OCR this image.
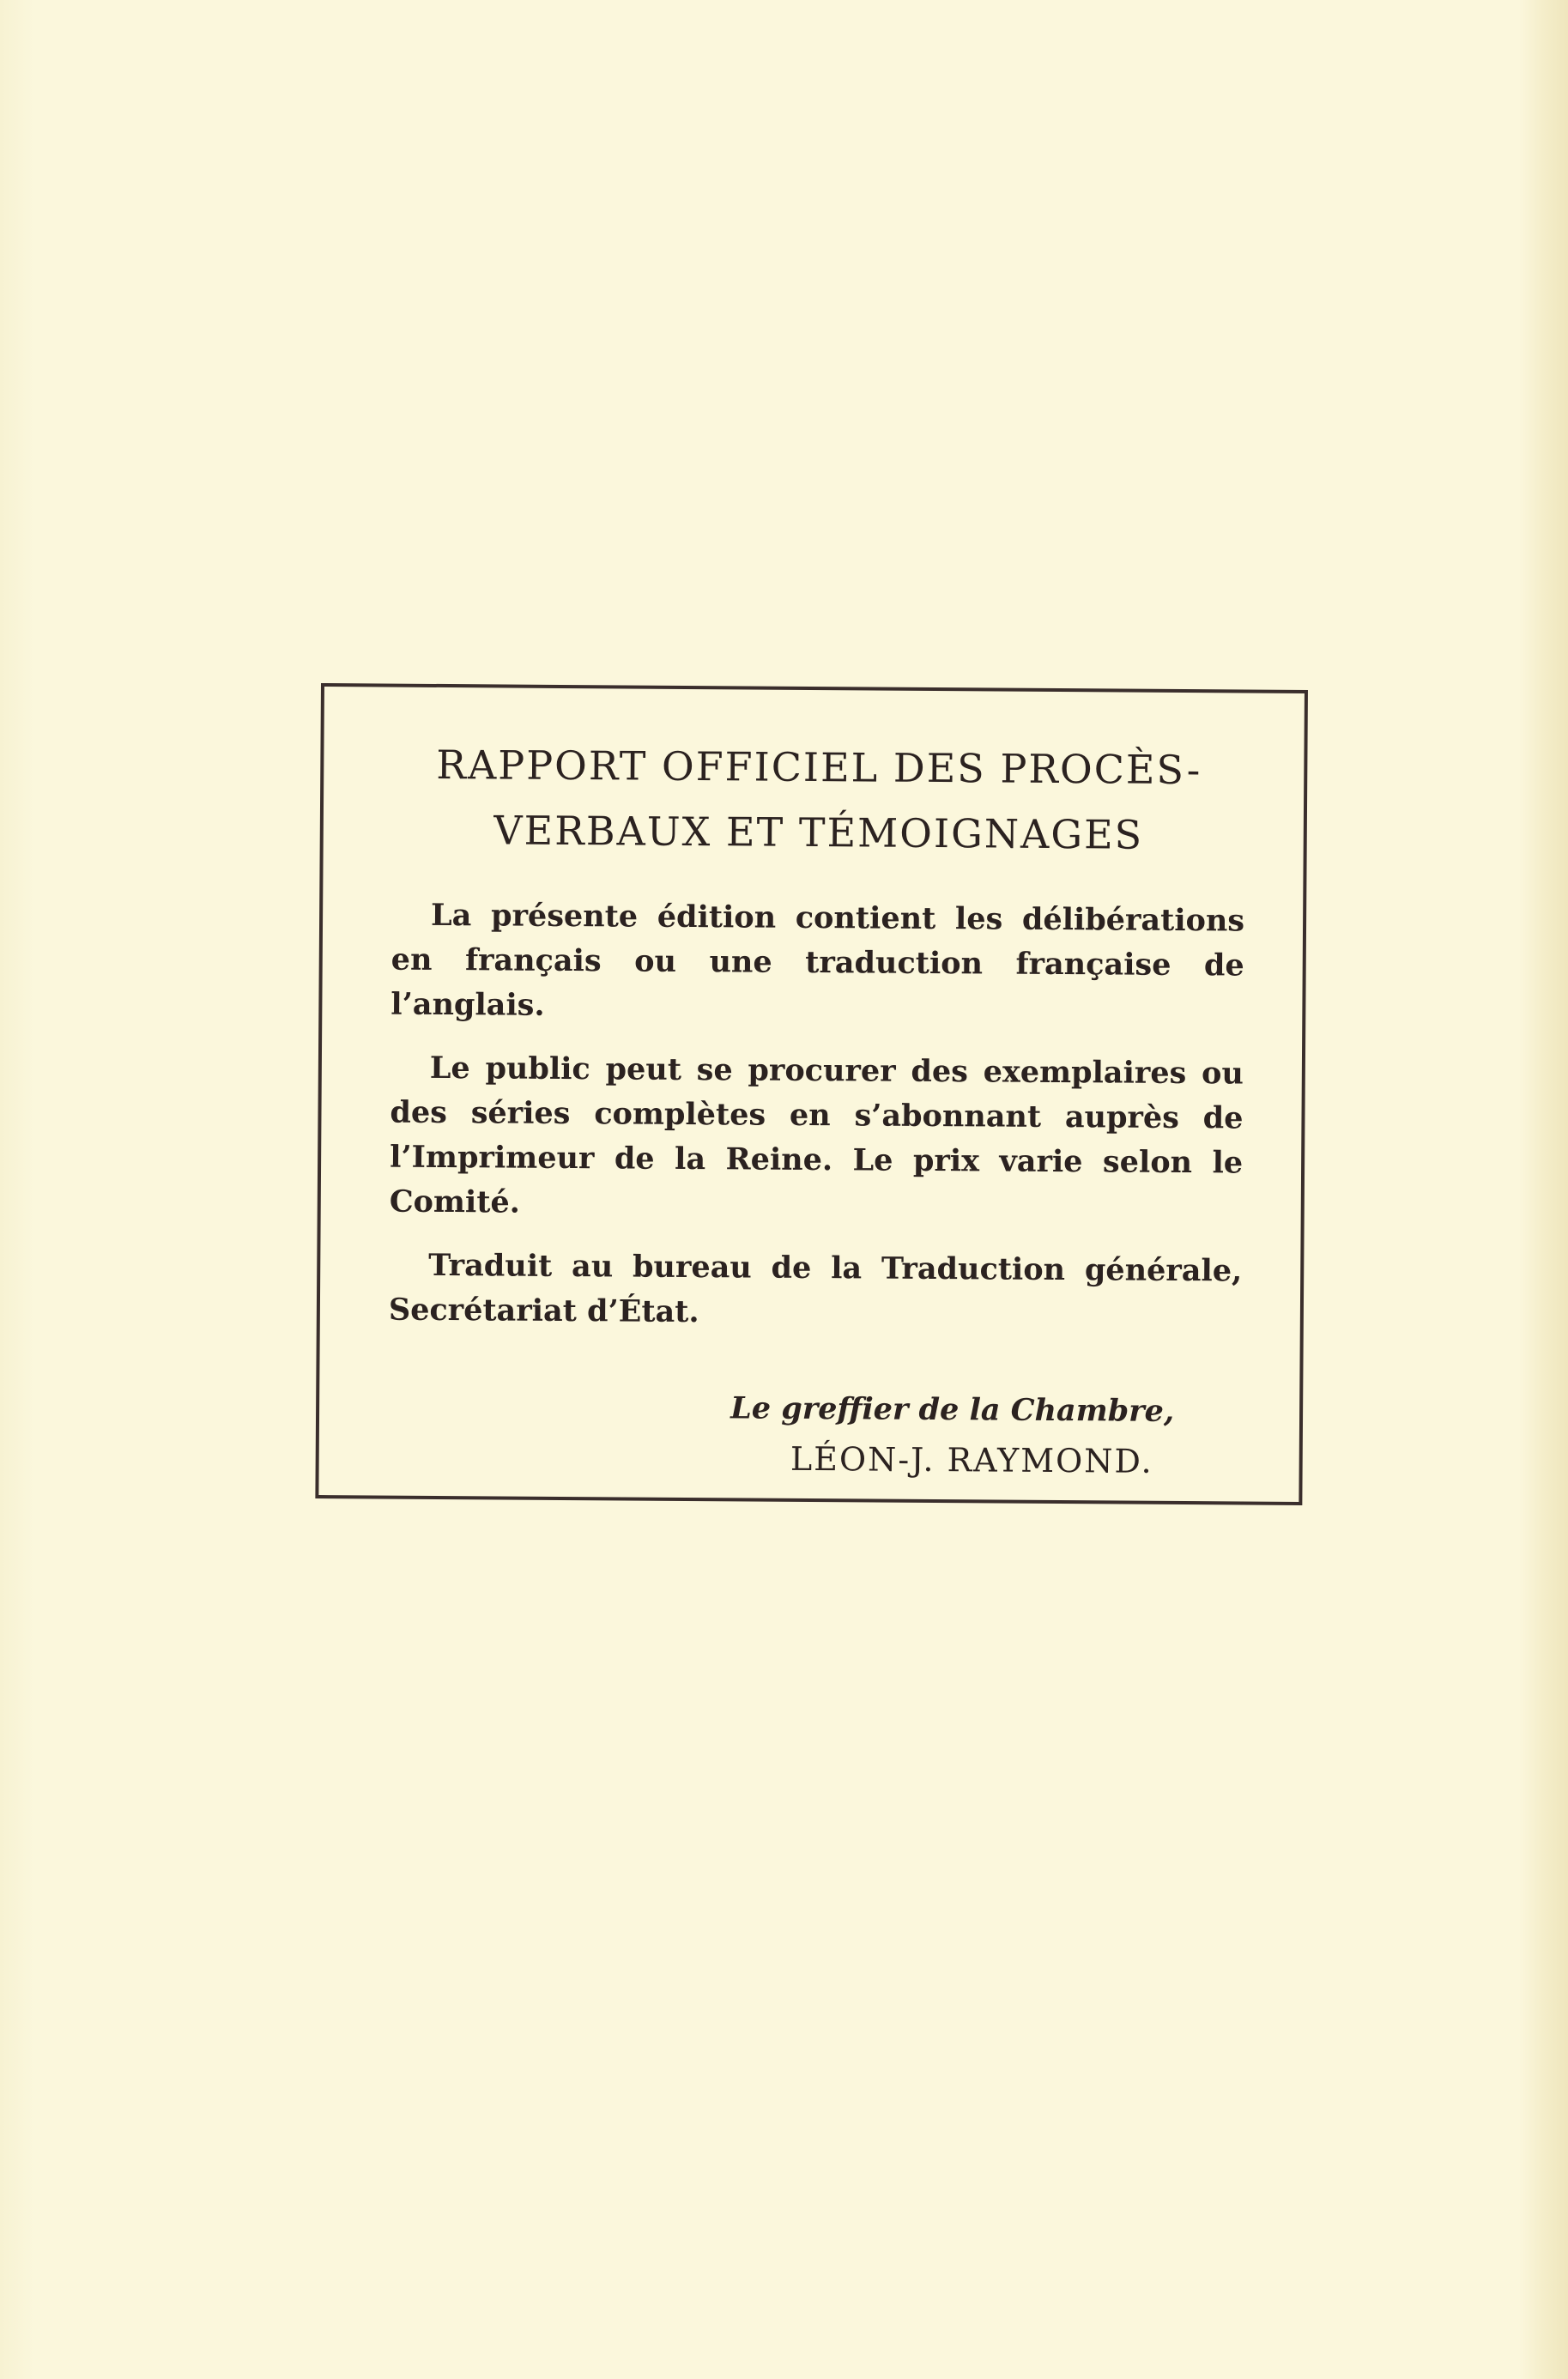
RAPPORT OFFICIEL DES PROCÈS-
VERBAUX ET TÉMOIGNAGES

La présente édition contient les délibérations en français ou une traduction française de l’anglais.

Le public peut se procurer des exemplaires ou des séries complètes en s’abonnant auprès de l’Imprimeur de la Reine. Le prix varie selon le Comité.

Traduit au bureau de la Traduction générale, Secrétariat d’État.

Le greffier de la Chambre,
LÉON-J. RAYMOND.
